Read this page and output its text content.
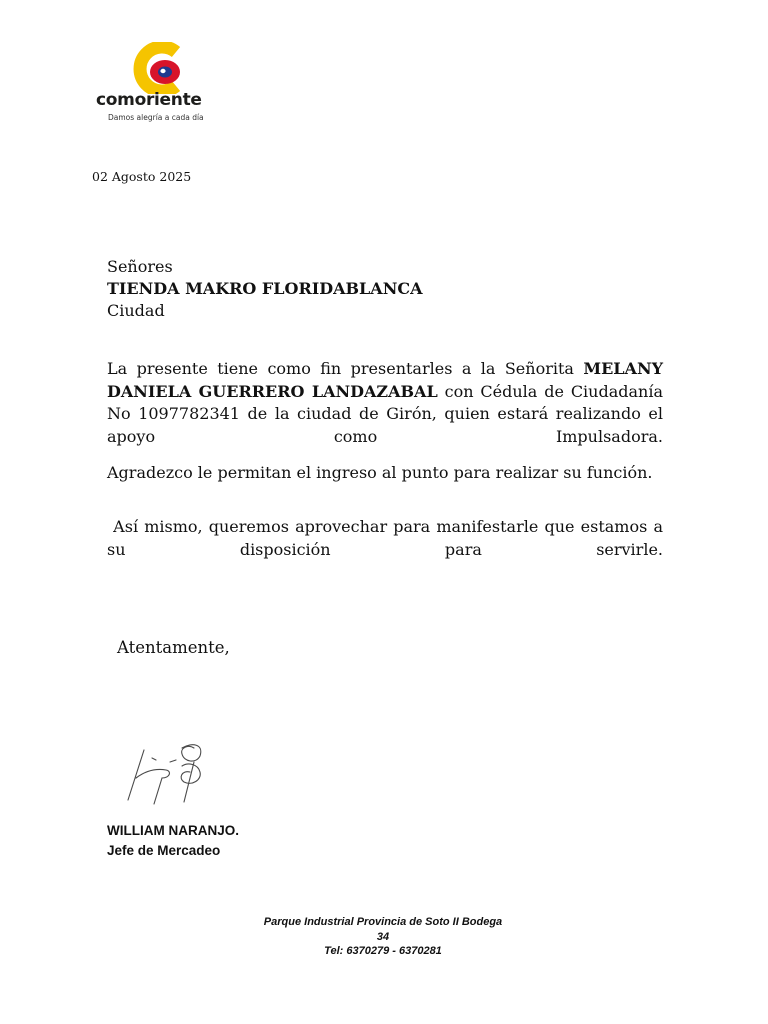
comoriente
Damos alegría a cada día
02 Agosto 2025
Señores
TIENDA MAKRO FLORIDABLANCA
Ciudad
La presente tiene como fin presentarles a la Señorita MELANY DANIELA GUERRERO LANDAZABAL con Cédula de Ciudadanía No 1097782341 de la ciudad de Girón, quien estará realizando el apoyo como Impulsadora.
Agradezco le permitan el ingreso al punto para realizar su función.
Así mismo, queremos aprovechar para manifestarle que estamos a su disposición para servirle.
Atentamente,
WILLIAM NARANJO.
Jefe de Mercadeo
Parque Industrial Provincia de Soto II Bodega
34
Tel: 6370279 - 6370281
